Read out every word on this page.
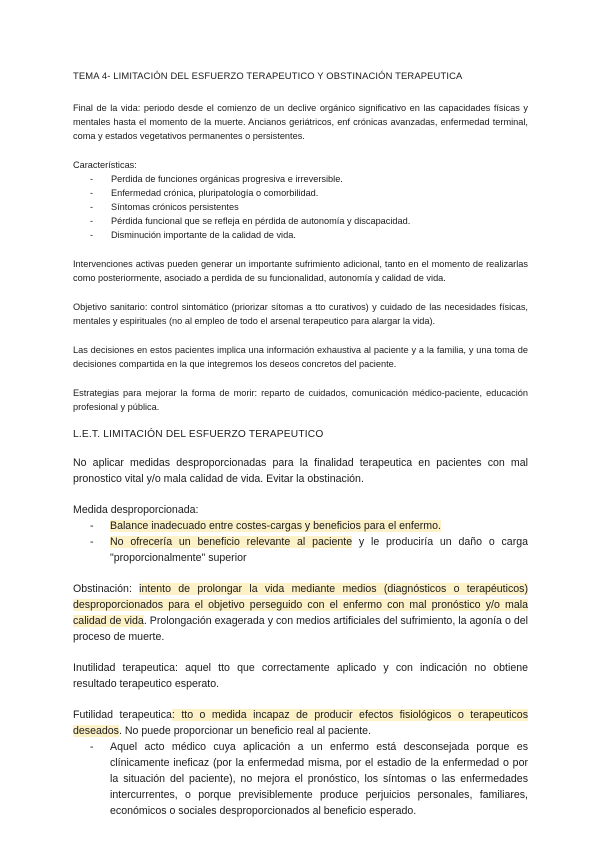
TEMA 4- LIMITACIÓN DEL ESFUERZO TERAPEUTICO Y OBSTINACIÓN TERAPEUTICA

Final de la vida: periodo desde el comienzo de un declive orgánico significativo en las capacidades físicas y mentales hasta el momento de la muerte. Ancianos geriátricos, enf crónicas avanzadas, enfermedad terminal, coma y estados vegetativos permanentes o persistentes.

Características:

- Perdida de funciones orgánicas progresiva e irreversible.
- Enfermedad crónica, pluripatología o comorbilidad.
- Síntomas crónicos persistentes
- Pérdida funcional que se refleja en pérdida de autonomía y discapacidad.
- Disminución importante de la calidad de vida.

Intervenciones activas pueden generar un importante sufrimiento adicional, tanto en el momento de realizarlas como posteriormente, asociado a perdida de su funcionalidad, autonomía y calidad de vida.

Objetivo sanitario: control sintomático (priorizar sítomas a tto curativos) y cuidado de las necesidades físicas, mentales y espirituales (no al empleo de todo el arsenal terapeutico para alargar la vida).

Las decisiones en estos pacientes implica una información exhaustiva al paciente y a la familia, y una toma de decisiones compartida en la que integremos los deseos concretos del paciente.

Estrategias para mejorar la forma de morir: reparto de cuidados, comunicación médico-paciente, educación profesional y pública.

L.E.T. LIMITACIÓN DEL ESFUERZO TERAPEUTICO

No aplicar medidas desproporcionadas para la finalidad terapeutica en pacientes con mal pronostico vital y/o mala calidad de vida. Evitar la obstinación.

Medida desproporcionada:

- Balance inadecuado entre costes-cargas y beneficios para el enfermo.
- No ofrecería un beneficio relevante al paciente y le produciría un daño o carga "proporcionalmente" superior

Obstinación: intento de prolongar la vida mediante medios (diagnósticos o terapéuticos) desproporcionados para el objetivo perseguido con el enfermo con mal pronóstico y/o mala calidad de vida. Prolongación exagerada y con medios artificiales del sufrimiento, la agonía o del proceso de muerte.

Inutilidad terapeutica: aquel tto que correctamente aplicado y con indicación no obtiene resultado terapeutico esperato.

Futilidad terapeutica: tto o medida incapaz de producir efectos fisiológicos o terapeuticos deseados. No puede proporcionar un beneficio real al paciente.

- Aquel acto médico cuya aplicación a un enfermo está desconsejada porque es clínicamente ineficaz (por la enfermedad misma, por el estadio de la enfermedad o por la situación del paciente), no mejora el pronóstico, los síntomas o las enfermedades intercurrentes, o porque previsiblemente produce perjuicios personales, familiares, económicos o sociales desproporcionados al beneficio esperado.
